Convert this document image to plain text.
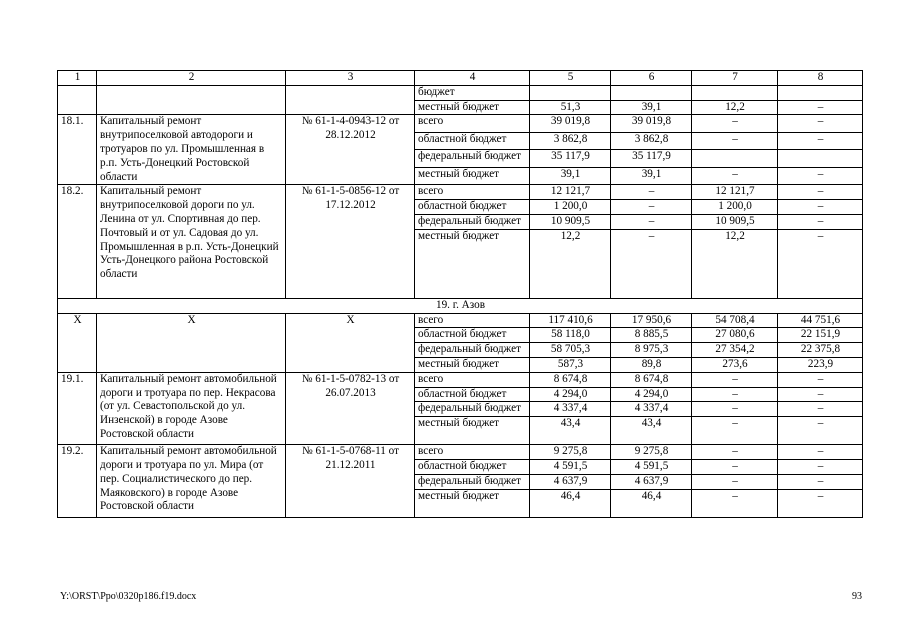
1	2	3	4	5	6	7	8
			бюджет				
			местный бюджет	51,3	39,1	12,2	–
18.1.	Капитальный ремонт внутрипоселковой автодороги и тротуаров по ул. Промышленная в р.п. Усть-Донецкий Ростовской области	№ 61-1-4-0943-12 от 28.12.2012	всего	39 019,8	39 019,8	–	–
			областной бюджет	3 862,8	3 862,8	–	–
			федеральный бюджет	35 117,9	35 117,9		
			местный бюджет	39,1	39,1	–	–
18.2.	Капитальный ремонт внутрипоселковой дороги по ул. Ленина от ул. Спортивная до пер. Почтовый и от ул. Садовая до ул. Промышленная в р.п. Усть-Донецкий Усть-Донецкого района Ростовской области	№ 61-1-5-0856-12 от 17.12.2012	всего	12 121,7	–	12 121,7	–
			областной бюджет	1 200,0	–	1 200,0	–
			федеральный бюджет	10 909,5	–	10 909,5	–
			местный бюджет	12,2	–	12,2	–
19. г. Азов							
Х	Х	Х	всего	117 410,6	17 950,6	54 708,4	44 751,6
			областной бюджет	58 118,0	8 885,5	27 080,6	22 151,9
			федеральный бюджет	58 705,3	8 975,3	27 354,2	22 375,8
			местный бюджет	587,3	89,8	273,6	223,9
19.1.	Капитальный ремонт автомобильной дороги и тротуара по пер. Некрасова (от ул. Севастопольской до ул. Инзенской) в городе Азове Ростовской области	№ 61-1-5-0782-13 от 26.07.2013	всего	8 674,8	8 674,8	–	–
			областной бюджет	4 294,0	4 294,0	–	–
			федеральный бюджет	4 337,4	4 337,4	–	–
			местный бюджет	43,4	43,4	–	–
19.2.	Капитальный ремонт автомобильной дороги и тротуара по ул. Мира (от пер. Социалистического до пер. Маяковского) в городе Азове Ростовской области	№ 61-1-5-0768-11 от 21.12.2011	всего	9 275,8	9 275,8	–	–
			областной бюджет	4 591,5	4 591,5	–	–
			федеральный бюджет	4 637,9	4 637,9	–	–
			местный бюджет	46,4	46,4	–	–
Y:\ORST\Ppo\0320p186.f19.docx	93
